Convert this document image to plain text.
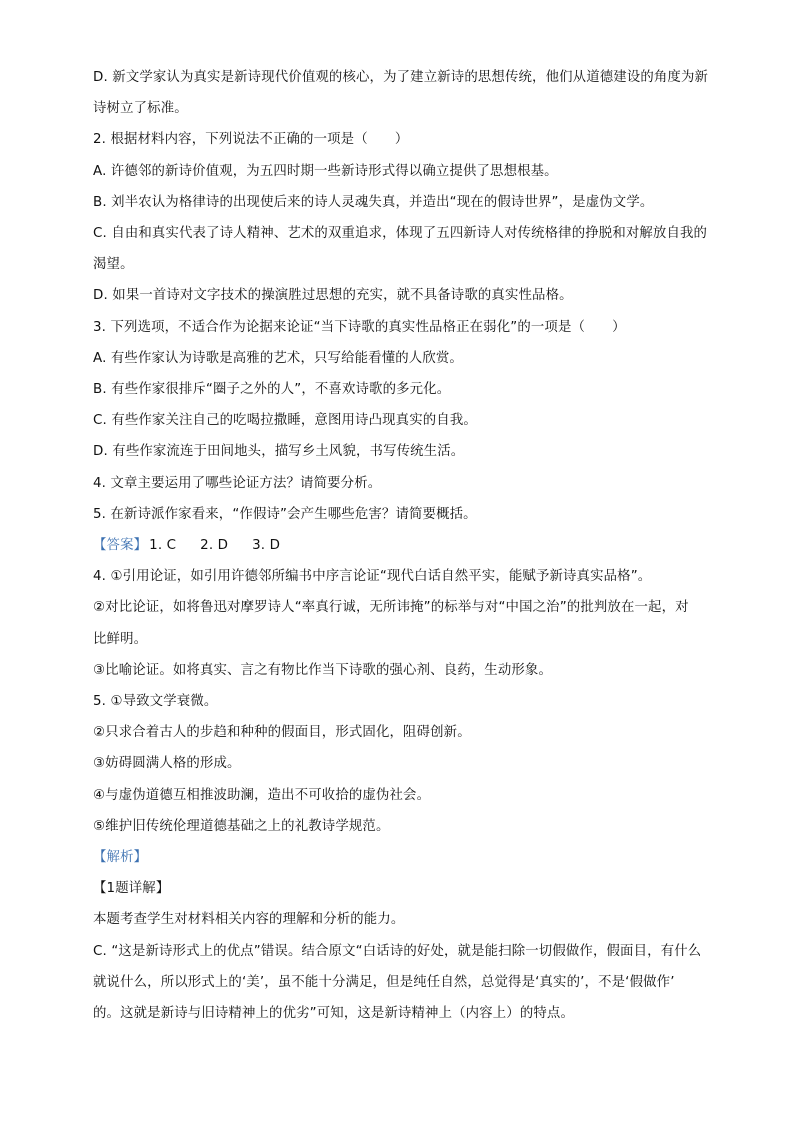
D. 新文学家认为真实是新诗现代价值观的核心，为了建立新诗的思想传统，他们从道德建设的角度为新

诗树立了标准。

2. 根据材料内容，下列说法不正确的一项是（　　）

A. 许德邻的新诗价值观，为五四时期一些新诗形式得以确立提供了思想根基。

B. 刘半农认为格律诗的出现使后来的诗人灵魂失真，并造出“现在的假诗世界”，是虚伪文学。

C. 自由和真实代表了诗人精神、艺术的双重追求，体现了五四新诗人对传统格律的挣脱和对解放自我的

渴望。

D. 如果一首诗对文字技术的操演胜过思想的充实，就不具备诗歌的真实性品格。

3. 下列选项，不适合作为论据来论证“当下诗歌的真实性品格正在弱化”的一项是（　　）

A. 有些作家认为诗歌是高雅的艺术，只写给能看懂的人欣赏。

B. 有些作家很排斥“圈子之外的人”，不喜欢诗歌的多元化。

C. 有些作家关注自己的吃喝拉撒睡，意图用诗凸现真实的自我。

D. 有些作家流连于田间地头，描写乡土风貌，书写传统生活。

4. 文章主要运用了哪些论证方法？请简要分析。

5. 在新诗派作家看来，“作假诗”会产生哪些危害？请简要概括。

【答案】 1. C 2. D 3. D

4. ①引用论证，如引用许德邻所编书中序言论证“现代白话自然平实，能赋予新诗真实品格”。

②对比论证，如将鲁迅对摩罗诗人“率真行诚，无所讳掩”的标举与对“中国之治”的批判放在一起，对

比鲜明。

③比喻论证。如将真实、言之有物比作当下诗歌的强心剂、良药，生动形象。

5. ①导致文学衰微。

②只求合着古人的步趋和种种的假面目，形式固化，阻碍创新。

③妨碍圆满人格的形成。

④与虚伪道德互相推波助澜，造出不可收拾的虚伪社会。

⑤维护旧传统伦理道德基础之上的礼教诗学规范。

【解析】

【1题详解】

本题考查学生对材料相关内容的理解和分析的能力。

C. “这是新诗形式上的优点”错误。结合原文“白话诗的好处，就是能扫除一切假做作，假面目，有什么

就说什么，所以形式上的‘美’，虽不能十分满足，但是纯任自然，总觉得是‘真实的’，不是‘假做作’

的。这就是新诗与旧诗精神上的优劣”可知，这是新诗精神上（内容上）的特点。
